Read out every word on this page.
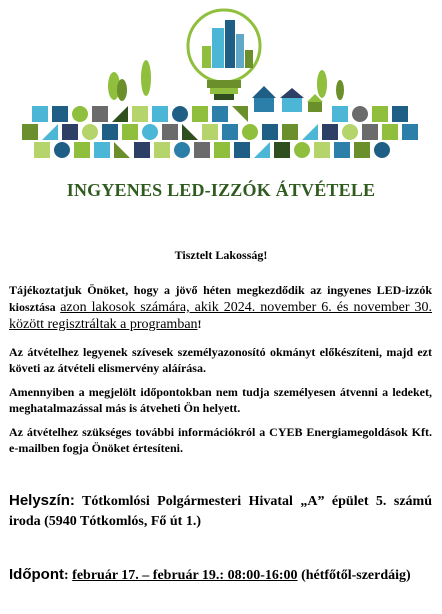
INGYENES LED-IZZÓK ÁTVÉTELE
Tisztelt Lakosság!
Tájékoztatjuk Önöket, hogy a jövő héten megkezdődik az ingyenes LED-izzók kiosztása azon lakosok számára, akik 2024. november 6. és november 30. között regisztráltak a programban!
Az átvételhez legyenek szívesek személyazonosító okmányt előkészíteni, majd ezt követi az átvételi elismervény aláírása.
Amennyiben a megjelölt időpontokban nem tudja személyesen átvenni a ledeket, meghatalmazással más is átveheti Ön helyett.
Az átvételhez szükséges további információkról a CYEB Energiamegoldások Kft. e-mailben fogja Önöket értesíteni.
Helyszín: Tótkomlósi Polgármesteri Hivatal „A” épület 5. számú iroda (5940 Tótkomlós, Fő út 1.)
Időpont: február 17. – február 19.: 08:00-16:00 (hétfőtől-szerdáig)
